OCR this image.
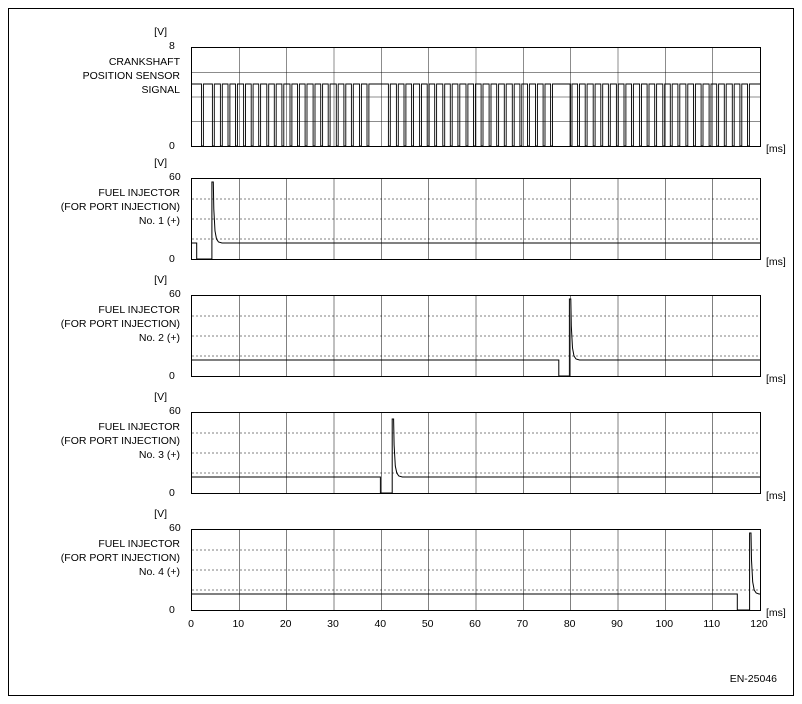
CRANKSHAFT
POSITION SENSOR
SIGNAL
[V]
8
0	[ms]
FUEL INJECTOR
(FOR PORT INJECTION)
No. 1 (+)
[V]
60
0	[ms]
FUEL INJECTOR
(FOR PORT INJECTION)
No. 2 (+)
[V]
60
0	[ms]
FUEL INJECTOR
(FOR PORT INJECTION)
No. 3 (+)
[V]
60
0	[ms]
FUEL INJECTOR
(FOR PORT INJECTION)
No. 4 (+)
[V]
60
0	[ms]
0	10	20	30	40	50	60	70	80	90	100	110	120
EN-25046
